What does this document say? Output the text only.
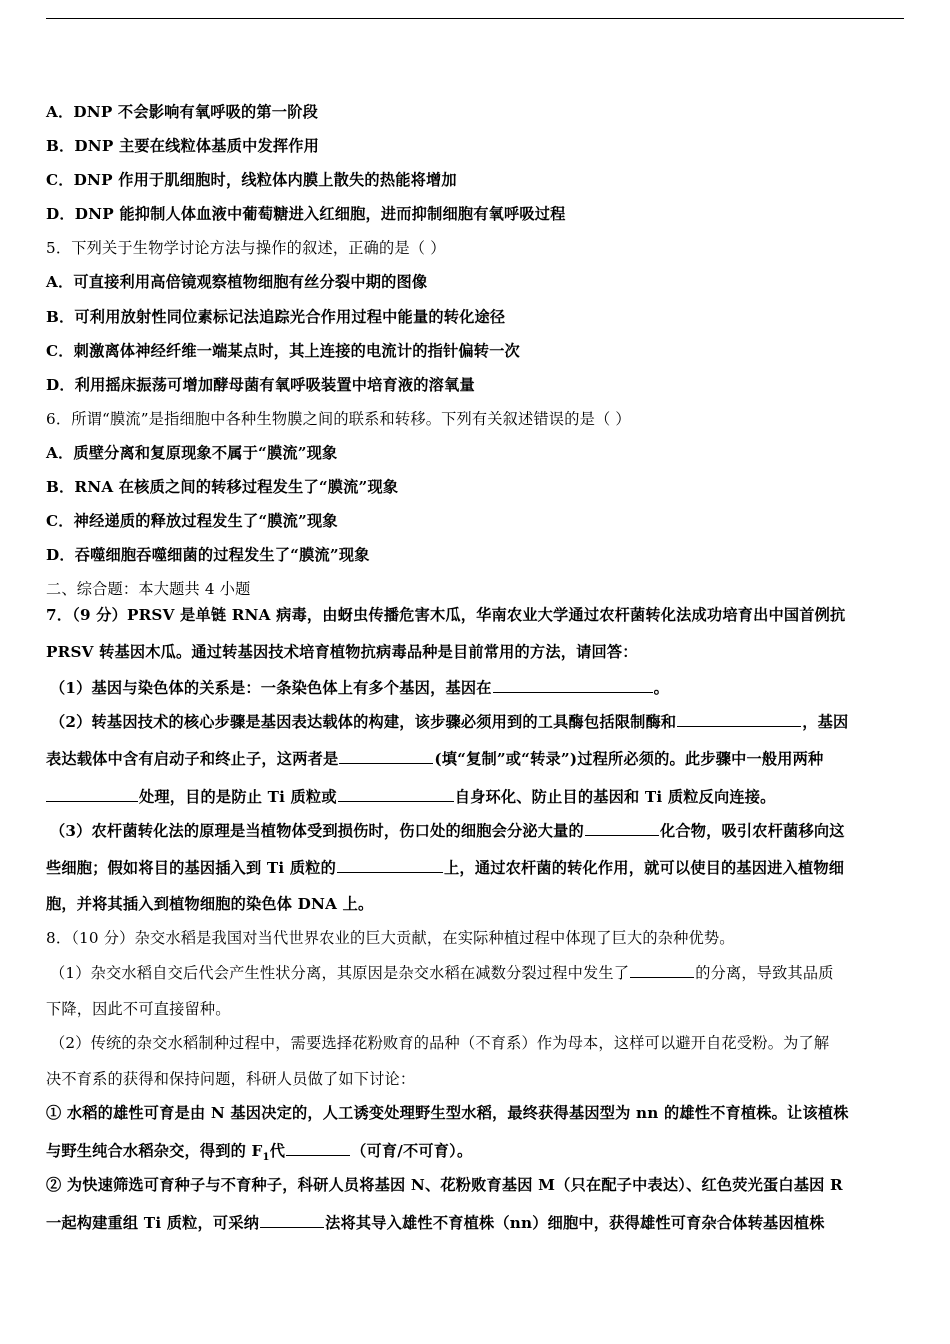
A．DNP 不会影响有氧呼吸的第一阶段
B．DNP 主要在线粒体基质中发挥作用
C．DNP 作用于肌细胞时，线粒体内膜上散失的热能将增加
D．DNP 能抑制人体血液中葡萄糖进入红细胞，进而抑制细胞有氧呼吸过程
5．下列关于生物学讨论方法与操作的叙述，正确的是（ ）
A．可直接利用高倍镜观察植物细胞有丝分裂中期的图像
B．可利用放射性同位素标记法追踪光合作用过程中能量的转化途径
C．刺激离体神经纤维一端某点时，其上连接的电流计的指针偏转一次
D．利用摇床振荡可增加酵母菌有氧呼吸装置中培育液的溶氧量
6．所谓“膜流”是指细胞中各种生物膜之间的联系和转移。下列有关叙述错误的是（ ）
A．质壁分离和复原现象不属于“膜流”现象
B．RNA 在核质之间的转移过程发生了“膜流”现象
C．神经递质的释放过程发生了“膜流”现象
D．吞噬细胞吞噬细菌的过程发生了“膜流”现象
二、综合题：本大题共 4 小题
7．（9 分）PRSV 是单链 RNA 病毒，由蚜虫传播危害木瓜，华南农业大学通过农杆菌转化法成功培育出中国首例抗
PRSV 转基因木瓜。通过转基因技术培育植物抗病毒品种是目前常用的方法，请回答：
（1）基因与染色体的关系是：一条染色体上有多个基因，基因在	。
（2）转基因技术的核心步骤是基因表达载体的构建，该步骤必须用到的工具酶包括限制酶和	，基因
表达载体中含有启动子和终止子，这两者是	(填“复制”或“转录”)过程所必须的。此步骤中一般用两种
处理，目的是防止 Ti 质粒或	自身环化、防止目的基因和 Ti 质粒反向连接。
（3）农杆菌转化法的原理是当植物体受到损伤时，伤口处的细胞会分泌大量的	化合物，吸引农杆菌移向这
些细胞；假如将目的基因插入到 Ti 质粒的	上，通过农杆菌的转化作用，就可以使目的基因进入植物细
胞，并将其插入到植物细胞的染色体 DNA 上。
8．（10 分）杂交水稻是我国对当代世界农业的巨大贡献，在实际种植过程中体现了巨大的杂种优势。
（1）杂交水稻自交后代会产生性状分离，其原因是杂交水稻在减数分裂过程中发生了	的分离，导致其品质
下降，因此不可直接留种。
（2）传统的杂交水稻制种过程中，需要选择花粉败育的品种（不育系）作为母本，这样可以避开自花受粉。为了解
决不育系的获得和保持问题，科研人员做了如下讨论：
① 水稻的雄性可育是由 N 基因决定的，人工诱变处理野生型水稻，最终获得基因型为 nn 的雄性不育植株。让该植株
与野生纯合水稻杂交，得到的 $F_1$代	（可育/不可育）。
② 为快速筛选可育种子与不育种子，科研人员将基因 N、花粉败育基因 M（只在配子中表达）、红色荧光蛋白基因 R
一起构建重组 Ti 质粒，可采纳	法将其导入雄性不育植株（nn）细胞中，获得雄性可育杂合体转基因植株
